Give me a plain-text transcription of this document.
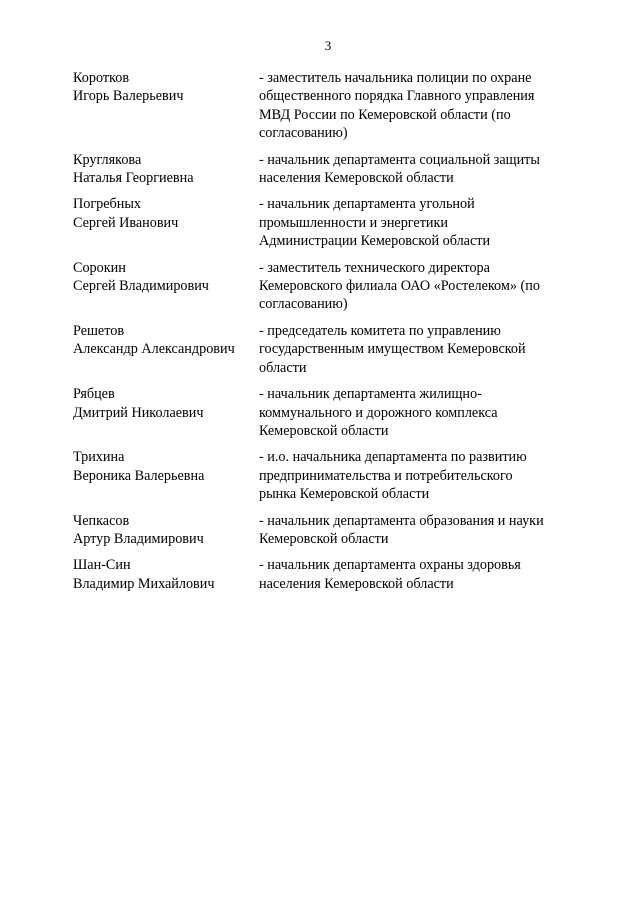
3
Коротков
Игорь Валерьевич
- заместитель начальника полиции по охране
общественного порядка Главного управления
МВД России по Кемеровской области (по
согласованию)
Круглякова
Наталья Георгиевна
- начальник департамента социальной защиты
населения Кемеровской области
Погребных
Сергей Иванович
- начальник департамента угольной
промышленности и энергетики
Администрации Кемеровской области
Сорокин
Сергей Владимирович
- заместитель технического директора
Кемеровского филиала ОАО «Ростелеком» (по
согласованию)
Решетов
Александр Александрович
- председатель комитета по управлению
государственным имуществом Кемеровской
области
Рябцев
Дмитрий Николаевич
- начальник департамента жилищно-
коммунального и дорожного комплекса
Кемеровской области
Трихина
Вероника Валерьевна
- и.о. начальника департамента по развитию
предпринимательства и потребительского
рынка Кемеровской области
Чепкасов
Артур Владимирович
- начальник департамента образования и науки
Кемеровской области
Шан-Син
Владимир Михайлович
- начальник департамента охраны здоровья
населения Кемеровской области
